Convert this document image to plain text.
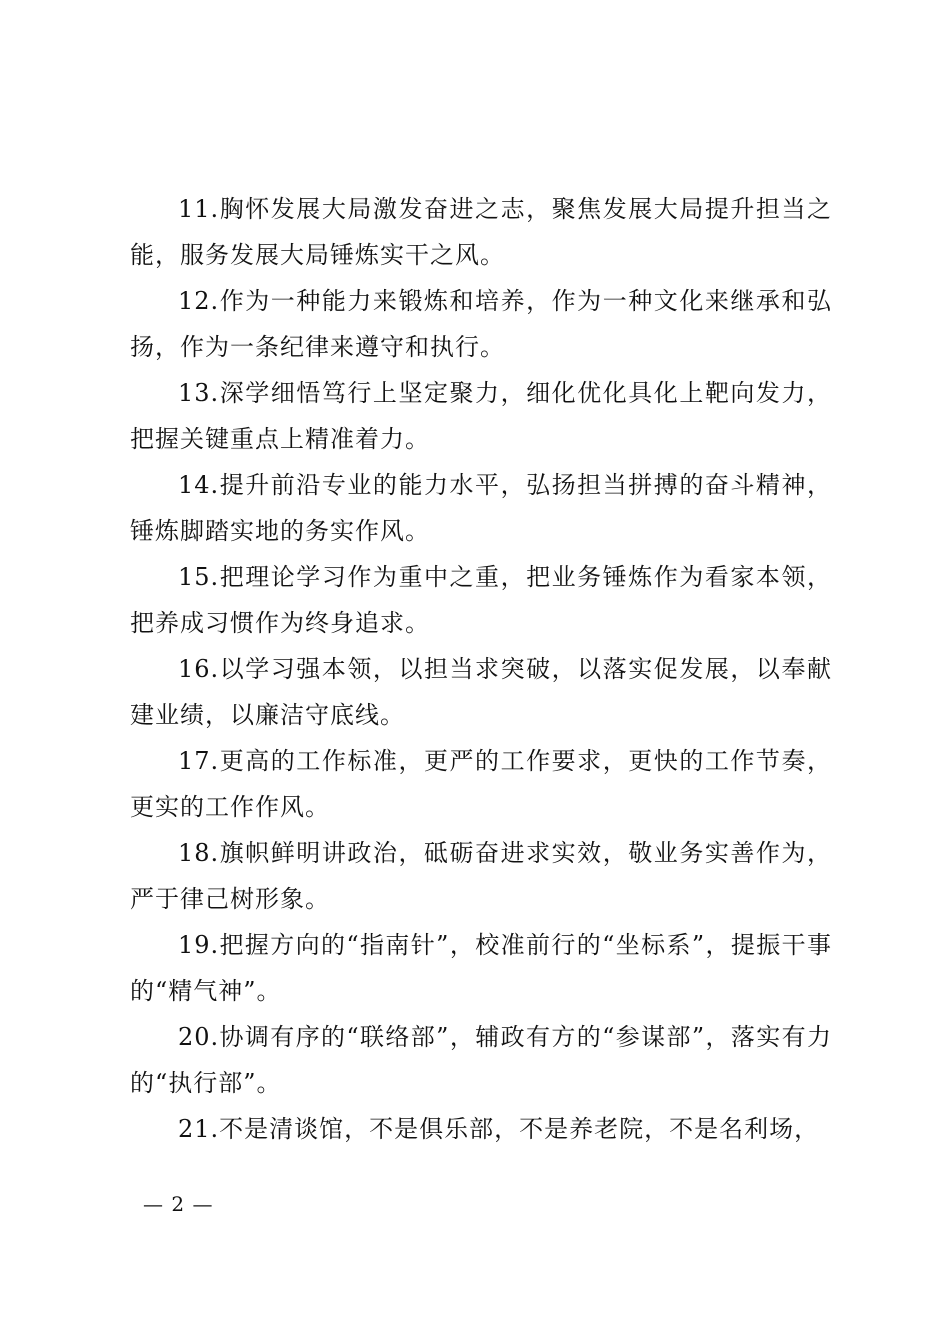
11.胸怀发展大局激发奋进之志，聚焦发展大局提升担当之能，服务发展大局锤炼实干之风。

12.作为一种能力来锻炼和培养，作为一种文化来继承和弘扬，作为一条纪律来遵守和执行。

13.深学细悟笃行上坚定聚力，细化优化具化上靶向发力，把握关键重点上精准着力。

14.提升前沿专业的能力水平，弘扬担当拼搏的奋斗精神，锤炼脚踏实地的务实作风。

15.把理论学习作为重中之重，把业务锤炼作为看家本领，把养成习惯作为终身追求。

16.以学习强本领，以担当求突破，以落实促发展，以奉献建业绩，以廉洁守底线。

17.更高的工作标准，更严的工作要求，更快的工作节奏，更实的工作作风。

18.旗帜鲜明讲政治，砥砺奋进求实效，敬业务实善作为，严于律己树形象。

19.把握方向的“指南针”，校准前行的“坐标系”，提振干事的“精气神”。

20.协调有序的“联络部”，辅政有方的“参谋部”，落实有力的“执行部”。

21.不是清谈馆，不是俱乐部，不是养老院，不是名利场，

— 2 —
